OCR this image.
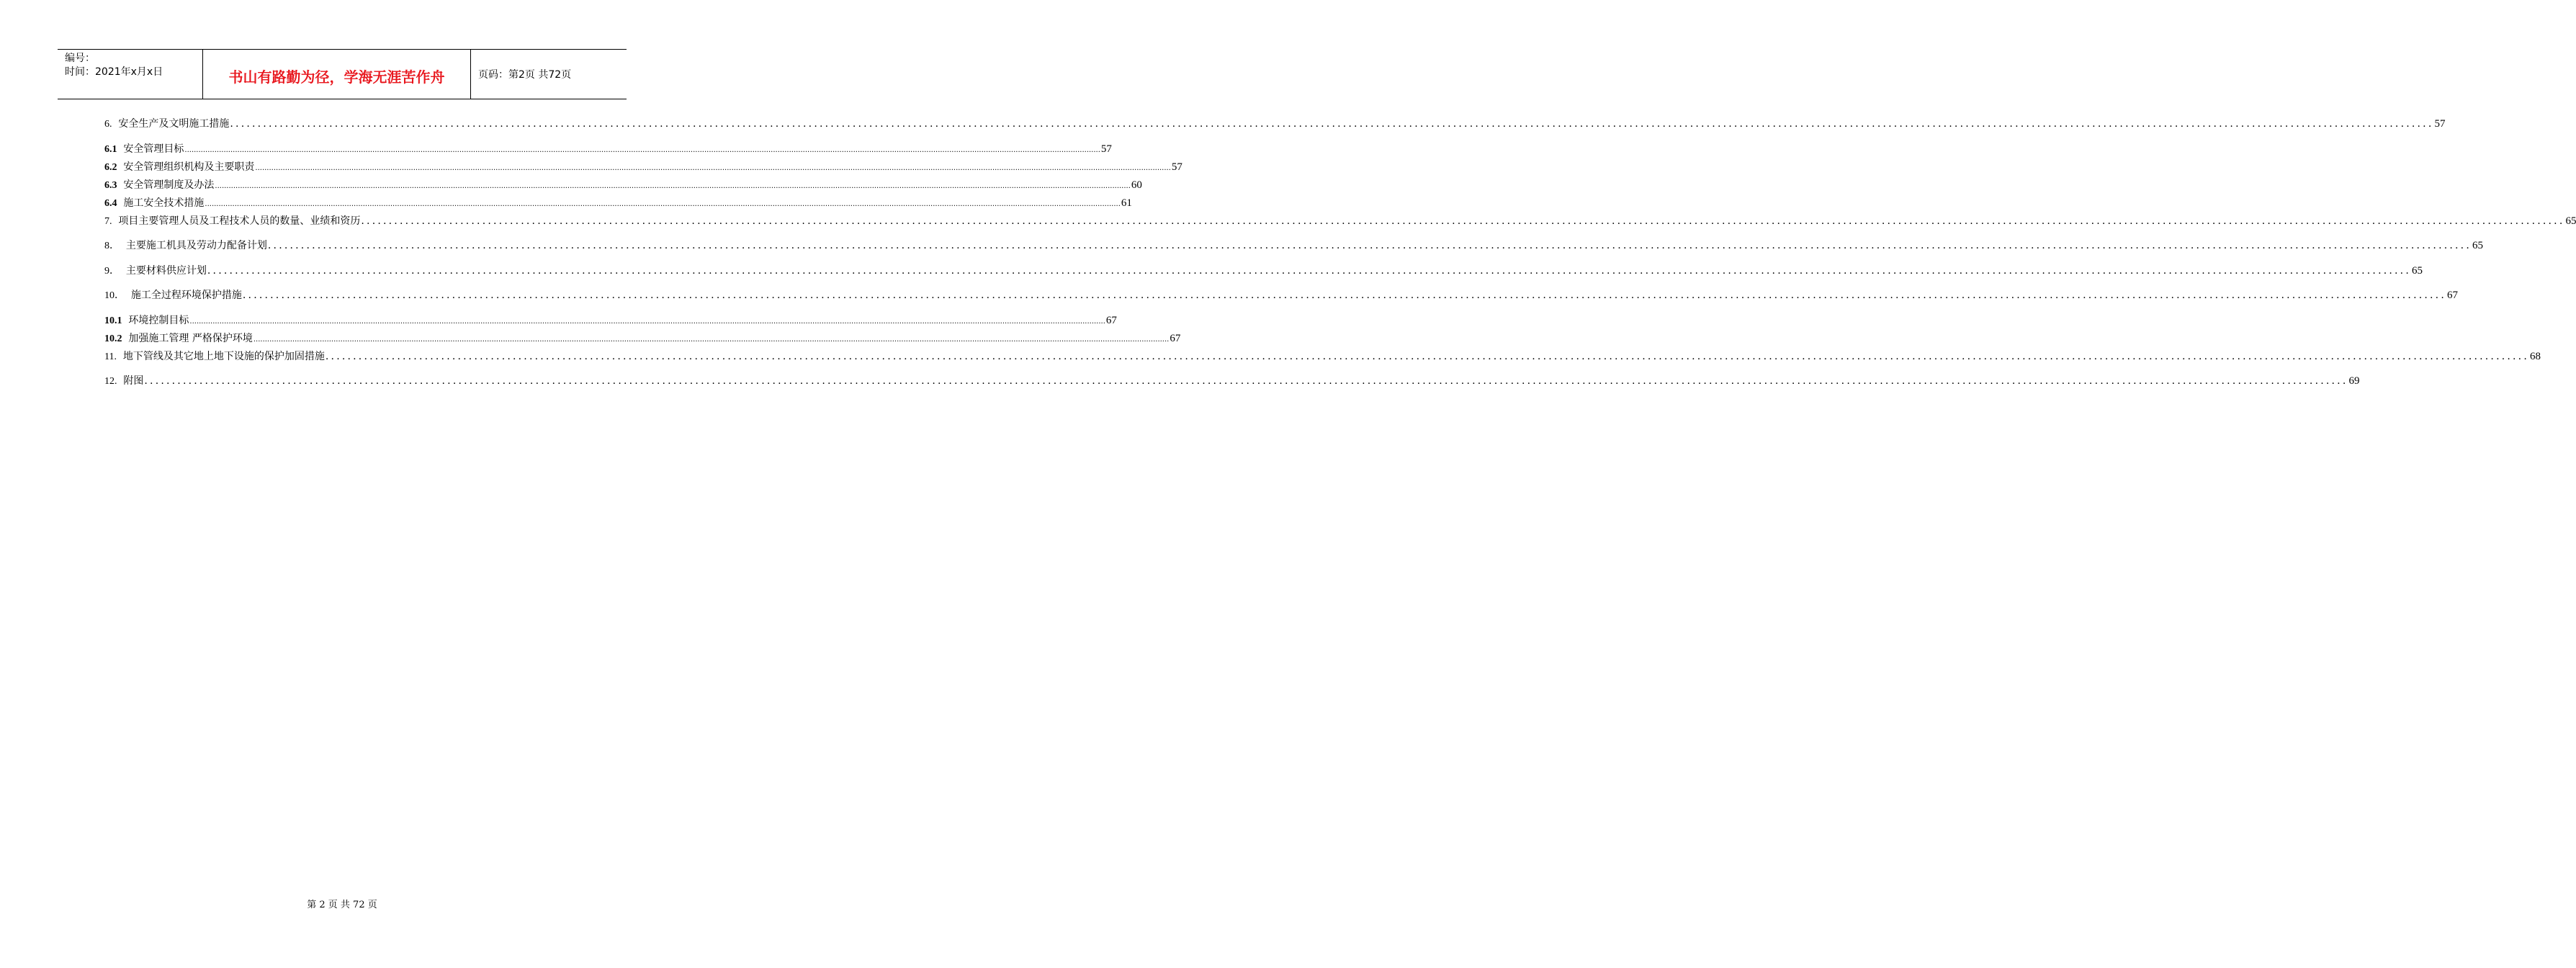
编号：
时间：2021年x月x日	书山有路勤为径，学海无涯苦作舟	页码：第2页 共72页
6. 安全生产及文明施工措施 ................................................................................................................................................................................................................................................................................................................................................................................................................ 57
6.1 安全管理目标 ................................................................................................................................................................................................................................................................................................................................................................................................................ 57
6.2 安全管理组织机构及主要职责 ................................................................................................................................................................................................................................................................................................................................................................................................................ 57
6.3 安全管理制度及办法 ................................................................................................................................................................................................................................................................................................................................................................................................................ 60
6.4 施工安全技术措施 ................................................................................................................................................................................................................................................................................................................................................................................................................ 61
7. 项目主要管理人员及工程技术人员的数量、业绩和资历 ................................................................................................................................................................................................................................................................................................................................................................................................................ 65
8． 主要施工机具及劳动力配备计划 ................................................................................................................................................................................................................................................................................................................................................................................................................ 65
9． 主要材料供应计划 ................................................................................................................................................................................................................................................................................................................................................................................................................ 65
10． 施工全过程环境保护措施 ................................................................................................................................................................................................................................................................................................................................................................................................................ 67
10.1 环境控制目标 ................................................................................................................................................................................................................................................................................................................................................................................................................ 67
10.2 加强施工管理 严格保护环境 ................................................................................................................................................................................................................................................................................................................................................................................................................ 67
11. 地下管线及其它地上地下设施的保护加固措施 ................................................................................................................................................................................................................................................................................................................................................................................................................ 68
12. 附图 ................................................................................................................................................................................................................................................................................................................................................................................................................ 69
第 2 页 共 72 页
